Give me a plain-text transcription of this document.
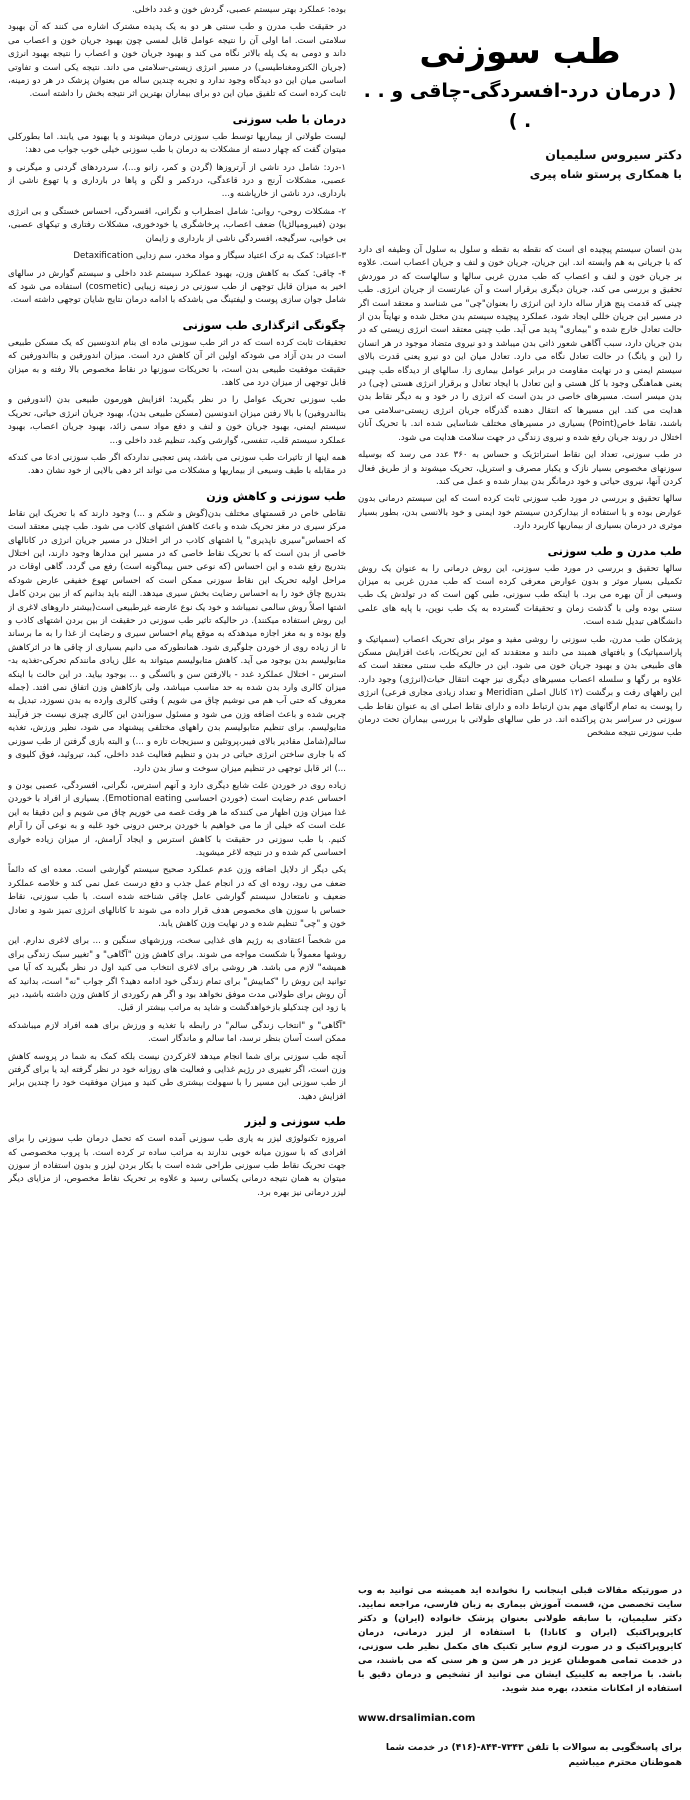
طب سوزنی
( درمان درد-افسردگی-چاقی و . . . )
دکتر سیروس سلیمیان
با همکاری پرستو شاه پیری

بدن انسان سیستم پیچیده ای است که نقطه به نقطه و سلول به سلول آن وظیفه ای دارد که با جریانی به هم وابسته اند. این جریان، جریان خون و لنف و جریان اعصاب است. علاوه بر جریان خون و لنف و اعصاب که طب مدرن غربی سالها و سالهاست که در موردش تحقیق و بررسی می کند، جریان دیگری برقرار است و آن عبارتست از جریان انرژی. طب چینی که قدمت پنج هزار ساله دارد این انرژی را بعنوان"چی" می شناسد و معتقد است اگر در مسیر این جریان خللی ایجاد شود، عملکرد پیچیده سیستم بدن مختل شده و نهایتاً بدن از حالت تعادل خارج شده و "بیماری" پدید می آید. طب چینی معتقد است انرژی زیستی که در بدن جریان دارد، سبب آگاهی شعور ذاتی بدن میباشد و دو نیروی متضاد موجود در هر انسان را (ین و یانگ) در حالت تعادل نگاه می دارد. تعادل میان این دو نیرو یعنی قدرت بالای سیستم ایمنی و در نهایت مقاومت در برابر عوامل بیماری زا. سالهای از دیدگاه طب چینی یعنی هماهنگی وجود با کل هستی و این تعادل با ایجاد تعادل و برقرار انرژی هستی (چی) در بدن میسر است. مسیرهای خاصی در بدن است که انرژی را در خود و به دیگر نقاط بدن هدایت می کند. این مسیرها که انتقال دهنده گذرگاه جریان انرژی زیستی-سلامتی می باشند، نقاط خاص(Point) بسیاری در مسیرهای مختلف شناسایی شده اند. با تحریک آنان اختلال در روند جریان رفع شده و نیروی زندگی در جهت سلامت هدایت می شود.

در طب سوزنی، تعداد این نقاط استراتژیک و حساس به ۳۶۰ عدد می رسد که بوسیله سوزنهای مخصوص بسیار نازک و یکبار مصرف و استریل، تحریک میشوند و از طریق فعال کردن آنها، نیروی حیاتی و خود درمانگر بدن بیدار شده و عمل می کند.

سالها تحقیق و بررسی در مورد طب سوزنی ثابت کرده است که این سیستم درمانی بدون عوارض بوده و با استفاده از بیدارکردن سیستم خود ایمنی و خود بالانسی بدن، بطور بسیار موثری در درمان بسیاری از بیماریها کاربرد دارد.

طب مدرن و طب سوزنی

سالها تحقیق و بررسی در مورد طب سوزنی، این روش درمانی را به عنوان یک روش تکمیلی بسیار موثر و بدون عوارض معرفی کرده است که طب مدرن غربی به میزان وسیعی از آن بهره می برد. با اینکه طب سوزنی، طبی کهن است که در تولدش یک طب سنتی بوده ولی با گذشت زمان و تحقیقات گسترده به یک طب نوین، با پایه های علمی دانشگاهی تبدیل شده است.

پزشکان طب مدرن، طب سوزنی را روشی مفید و موثر برای تحریک اعصاب (سمپاتیک و پاراسمپاتیک) و بافتهای همبند می دانند و معتقدند که این تحریکات، باعث افزایش مسکن های طبیعی بدن و بهبود جریان خون می شود. این در حالیکه طب سنتی معتقد است که علاوه بر رگها و سلسله اعصاب مسیرهای دیگری نیز جهت انتقال حیات(انرژی) وجود دارد. این راههای رفت و برگشت (۱۲ کانال اصلی Meridian و تعداد زیادی مجاری فرعی) انرژی را پوست به تمام ارگانهای مهم بدن ارتباط داده و دارای نقاط اصلی ای به عنوان نقاط طب سوزنی در سراسر بدن پراکنده اند. در طی سالهای طولانی با بررسی بیماران تحت درمان طب سوزنی نتیجه مشخص

در صورتیکه مقالات قبلی اینجانب را نخوانده اید همیشه می توانید به وب سایت تخصصی من، قسمت آموزش بیماری به زبان فارسی، مراجعه نمایید. دکتر سلیمیان، با سابقه طولانی بعنوان پزشک خانواده (ایران) و دکتر کایروپراکتیک (ایران و کانادا) با استفاده از لیزر درمانی، درمان کایروپراکتیک و در صورت لزوم سایر تکنیک های مکمل نظیر طب سوزنی، در خدمت تمامی هموطنان عزیز در هر سن و هر سنی که می باشند، می باشد. با مراجعه به کلینیک ایشان می توانید از تشخیص و درمان دقیق با استفاده از امکانات متعدد، بهره مند شوید.
www.drsalimian.com
برای پاسخگویی به سوالات با تلفن ۷۳۴۳-۸۴۴-(۴۱۶) در خدمت شما هموطنان محترم میباشیم

بوده: عملکرد بهتر سیستم عصبی، گردش خون و غدد داخلی.

در حقیقت طب مدرن و طب سنتی هر دو به یک پدیده مشترک اشاره می کنند که آن بهبود سلامتی است. اما اولی آن را نتیجه عوامل قابل لمسی چون بهبود جریان خون و اعصاب می داند و دومی به یک پله بالاتر نگاه می کند و بهبود جریان خون و اعصاب را نتیجه بهبود انرژی (جریان الکترومغناطیسی) در مسیر انرژی زیستی-سلامتی می داند. نتیجه یکی است و تفاوتی اساسی میان این دو دیدگاه وجود ندارد و تجربه چندین ساله من بعنوان پزشک در هر دو زمینه، ثابت کرده است که تلفیق میان این دو برای بیماران بهترین اثر نتیجه بخش را داشته است.

درمان با طب سوزنی

لیست طولانی از بیماریها توسط طب سوزنی درمان میشوند و یا بهبود می یابند. اما بطورکلی میتوان گفت که چهار دسته از مشکلات به درمان با طب سوزنی خیلی خوب جواب می دهد:

۱-درد: شامل درد ناشی از آرتروزها (گردن و کمر، زانو و...)، سردردهای گردنی و میگرنی و عصبی، مشکلات آرنج و درد قاعدگی، دردکمر و لگن و پاها در بارداری و یا تهوع ناشی از بارداری، درد ناشی از خارپاشنه و...

۲- مشکلات روحی- روانی: شامل اضطراب و نگرانی، افسردگی، احساس خستگی و بی انرژی بودن (فیبرومیالژیا) ضعف اعصاب، پرخاشگری یا خودخوری، مشکلات رفتاری و تیکهای عصبی، بی خوابی، سرگیجه، افسردگی ناشی از بارداری و زایمان

۳-اعتیاد: کمک به ترک اعتیاد سیگار و مواد مخدر، سم زدایی Detaxification

۴- چاقی: کمک به کاهش وزن، بهبود عملکرد سیستم غدد داخلی و سیستم گوارش در سالهای اخیر به میزان قابل توجهی از طب سوزنی در زمینه زیبایی (cosmetic) استفاده می شود که شامل جوان سازی پوست و لیفتینگ می باشدکه با ادامه درمان نتایج شایان توجهی داشته است.

چگونگی اثرگذاری طب سوزنی

تحقیقات ثابت کرده است که در اثر طب سوزنی ماده ای بنام اندونسین که یک مسکن طبیعی است در بدن آزاد می شودکه اولین اثر آن کاهش درد است. میزان اندورفین و بتااندورفین که حقیقت موفقیت طبیعی بدن است، با تحریکات سوزنها در نقاط مخصوص بالا رفته و به میزان قابل توجهی از میزان درد می کاهد.

طب سوزنی تحریک عوامل را در نظر بگیرید: افزایش هورمون طبیعی بدن (اندورفین و بتااندروفین) با بالا رفتن میزان اندونسین (مسکن طبیعی بدن)، بهبود جریان انرژی حیاتی، تحریک سیستم ایمنی، بهبود جریان خون و لنف و دفع مواد سمی زائد، بهبود جریان اعصاب، بهبود عملکرد سیستم قلب، تنفسی، گوارشی وکبد، تنظیم غدد داخلی و...

همه اینها از تاثیرات طب سوزنی می باشد، پس تعجبی نداردکه اگر طب سوزنی ادعا می کندکه در مقابله با طیف وسیعی از بیماریها و مشکلات می تواند اثر دهی بالایی از خود نشان دهد.

طب سوزنی و کاهش وزن

نقاطی خاص در قسمتهای مختلف بدن(گوش و شکم و ...) وجود دارند که با تحریک این نقاط مرکز سیری در مغز تحریک شده و باعث کاهش اشتهای کاذب می شود. طب چینی معتقد است که احساس"سیری ناپذیری" یا اشتهای کاذب در اثر اختلال در مسیر جریان انرژی در کانالهای خاصی از بدن است که با تحریک نقاط خاصی که در مسیر این مدارها وجود دارند، این اختلال بتدریج رفع شده و این احساس (که نوعی حس بیماگونه است) رفع می گردد. گاهی اوقات در مراحل اولیه تحریک این نقاط سوزنی ممکن است که احساس تهوع خفیفی عارض شودکه بتدریج چاق خود را به احساس رضایت بخش سیری میدهد. البته باید بدانیم که از بین بردن کامل اشتها اصلاً روش سالمی نمیباشد و خود یک نوع عارضه غیرطبیعی است(بیشتر داروهای لاغری از این روش استفاده میکنند). در حالیکه تاثیر طب سوزنی در حقیقت از بین بردن اشتهای کاذب و ولع بوده و به مغز اجازه میدهدکه به موقع پیام احساس سیری و رضایت از غذا را به ما برساند تا از زیاده روی از خوردن جلوگیری شود. همانطورکه می دانیم بسیاری از چاقی ها در اثرکاهش متابولیسم بدن بوجود می آید. کاهش متابولیسم میتواند به علل زیادی مانندکم تحرکی-تغذیه بد-استرس - اختلال عملکرد غدد - بالارفتن سن و بائسگی و ... بوجود بیاید. در این حالت با اینکه میزان کالری وارد بدن شده به حد مناسب میباشد، ولی بازکاهش وزن اتفاق نمی افتد. (جمله معروف که حتی آب هم می نوشیم چاق می شویم ) وقتی کالری وارده به بدن نسوزد، تبدیل به چربی شده و باعث اضافه وزن می شود و مسئول سوزاندن این کالری چیزی نیست جز فرآیند متابولیسم. برای تنظیم متابولیسم بدن راههای مختلفی پیشنهاد می شود، نظیر ورزش، تغذیه سالم(شامل مقادیر بالای فیبر،پروتئین و سبزیجات تازه و ...) و البته بازی گرفتن از طب سوزنی که با جاری ساختن انرژی حیاتی در بدن و تنظیم فعالیت غدد داخلی، کبد، تیروئید، فوق کلیوی و ...) اثر قابل توجهی در تنظیم میزان سوخت و ساز بدن دارد.

زیاده روی در خوردن علت شایع دیگری دارد و آنهم استرس، نگرانی، افسردگی، عصبی بودن و احساس عدم رضایت است (خوردن احساسی Emotional eating). بسیاری از افراد با خوردن غذا میزان وزن اظهار می کنندکه ما هر وقت غصه می خوریم چاق می شویم و این دقیقا به این علت است که خیلی از ما می خواهیم با خوردن برحس درونی خود غلبه و به نوعی آن را آرام کنیم. با طب سوزنی در حقیقت با کاهش استرس و ایجاد آرامش، از میزان زیاده خواری احساسی کم شده و در نتیجه لاغر میشوید.

یکی دیگر از دلایل اضافه وزن عدم عملکرد صحیح سیستم گوارشی است. معده ای که دائماً ضعف می رود، روده ای که در انجام عمل جذب و دفع درست عمل نمی کند و خلاصه عملکرد ضعیف و نامتعادل سیستم گوارشی عامل چاقی شناخته شده است. با طب سوزنی، نقاط حساس با سوزن های مخصوص هدف قرار داده می شوند تا کانالهای انرژی تمیز شود و تعادل خون و "چی" تنظیم شده و در نهایت وزن کاهش یابد.

من شخصاً اعتقادی به رژیم های غذایی سخت، ورزشهای سنگین و ... برای لاغری ندارم. این روشها معمولاً با شکست مواجه می شوند. برای کاهش وزن "آگاهی" و "تغییر سبک زندگی برای همیشه" لازم می باشد. هر روشی برای لاغری انتخاب می کنید اول در نظر بگیرید که آیا می توانید این روش را "کماییش" برای تمام زندگی خود ادامه دهید؟ اگر جواب "نه" است، بدانید که آن روش برای طولانی مدت موفق نخواهد بود و اگر هم رکوردی از کاهش وزن داشته باشید، دیر یا زود این چندکیلو بازخواهدگشت و شاید به مراتب بیشتر از قبل.

"آگاهی" و "انتخاب زندگی سالم" در رابطه با تغذیه و ورزش برای همه افراد لازم میباشدکه ممکن است آسان بنظر نرسد، اما سالم و ماندگار است.

آنچه طب سوزنی برای شما انجام میدهد لاغرکردن نیست بلکه کمک به شما در پروسه کاهش وزن است، اگر تغییری در رژیم غذایی و فعالیت های روزانه خود در نظر گرفته اید یا برای گرفتن از طب سوزنی این مسیر را با سهولت بیشتری طی کنید و میزان موفقیت خود را چندین برابر افزایش دهید.

طب سوزنی و لیزر

امروزه تکنولوژی لیزر به یاری طب سوزنی آمده است که تحمل درمان طب سوزنی را برای افرادی که با سوزن میانه خوبی ندارند به مراتب ساده تر کرده است. با پروب مخصوصی که جهت تحریک نقاط طب سوزنی طراحی شده است با بکار بردن لیزر و بدون استفاده از سوزن میتوان به همان نتیجه درمانی یکسانی رسید و علاوه بر تحریک نقاط مخصوص، از مزایای دیگر لیزر درمانی نیز بهره برد.
